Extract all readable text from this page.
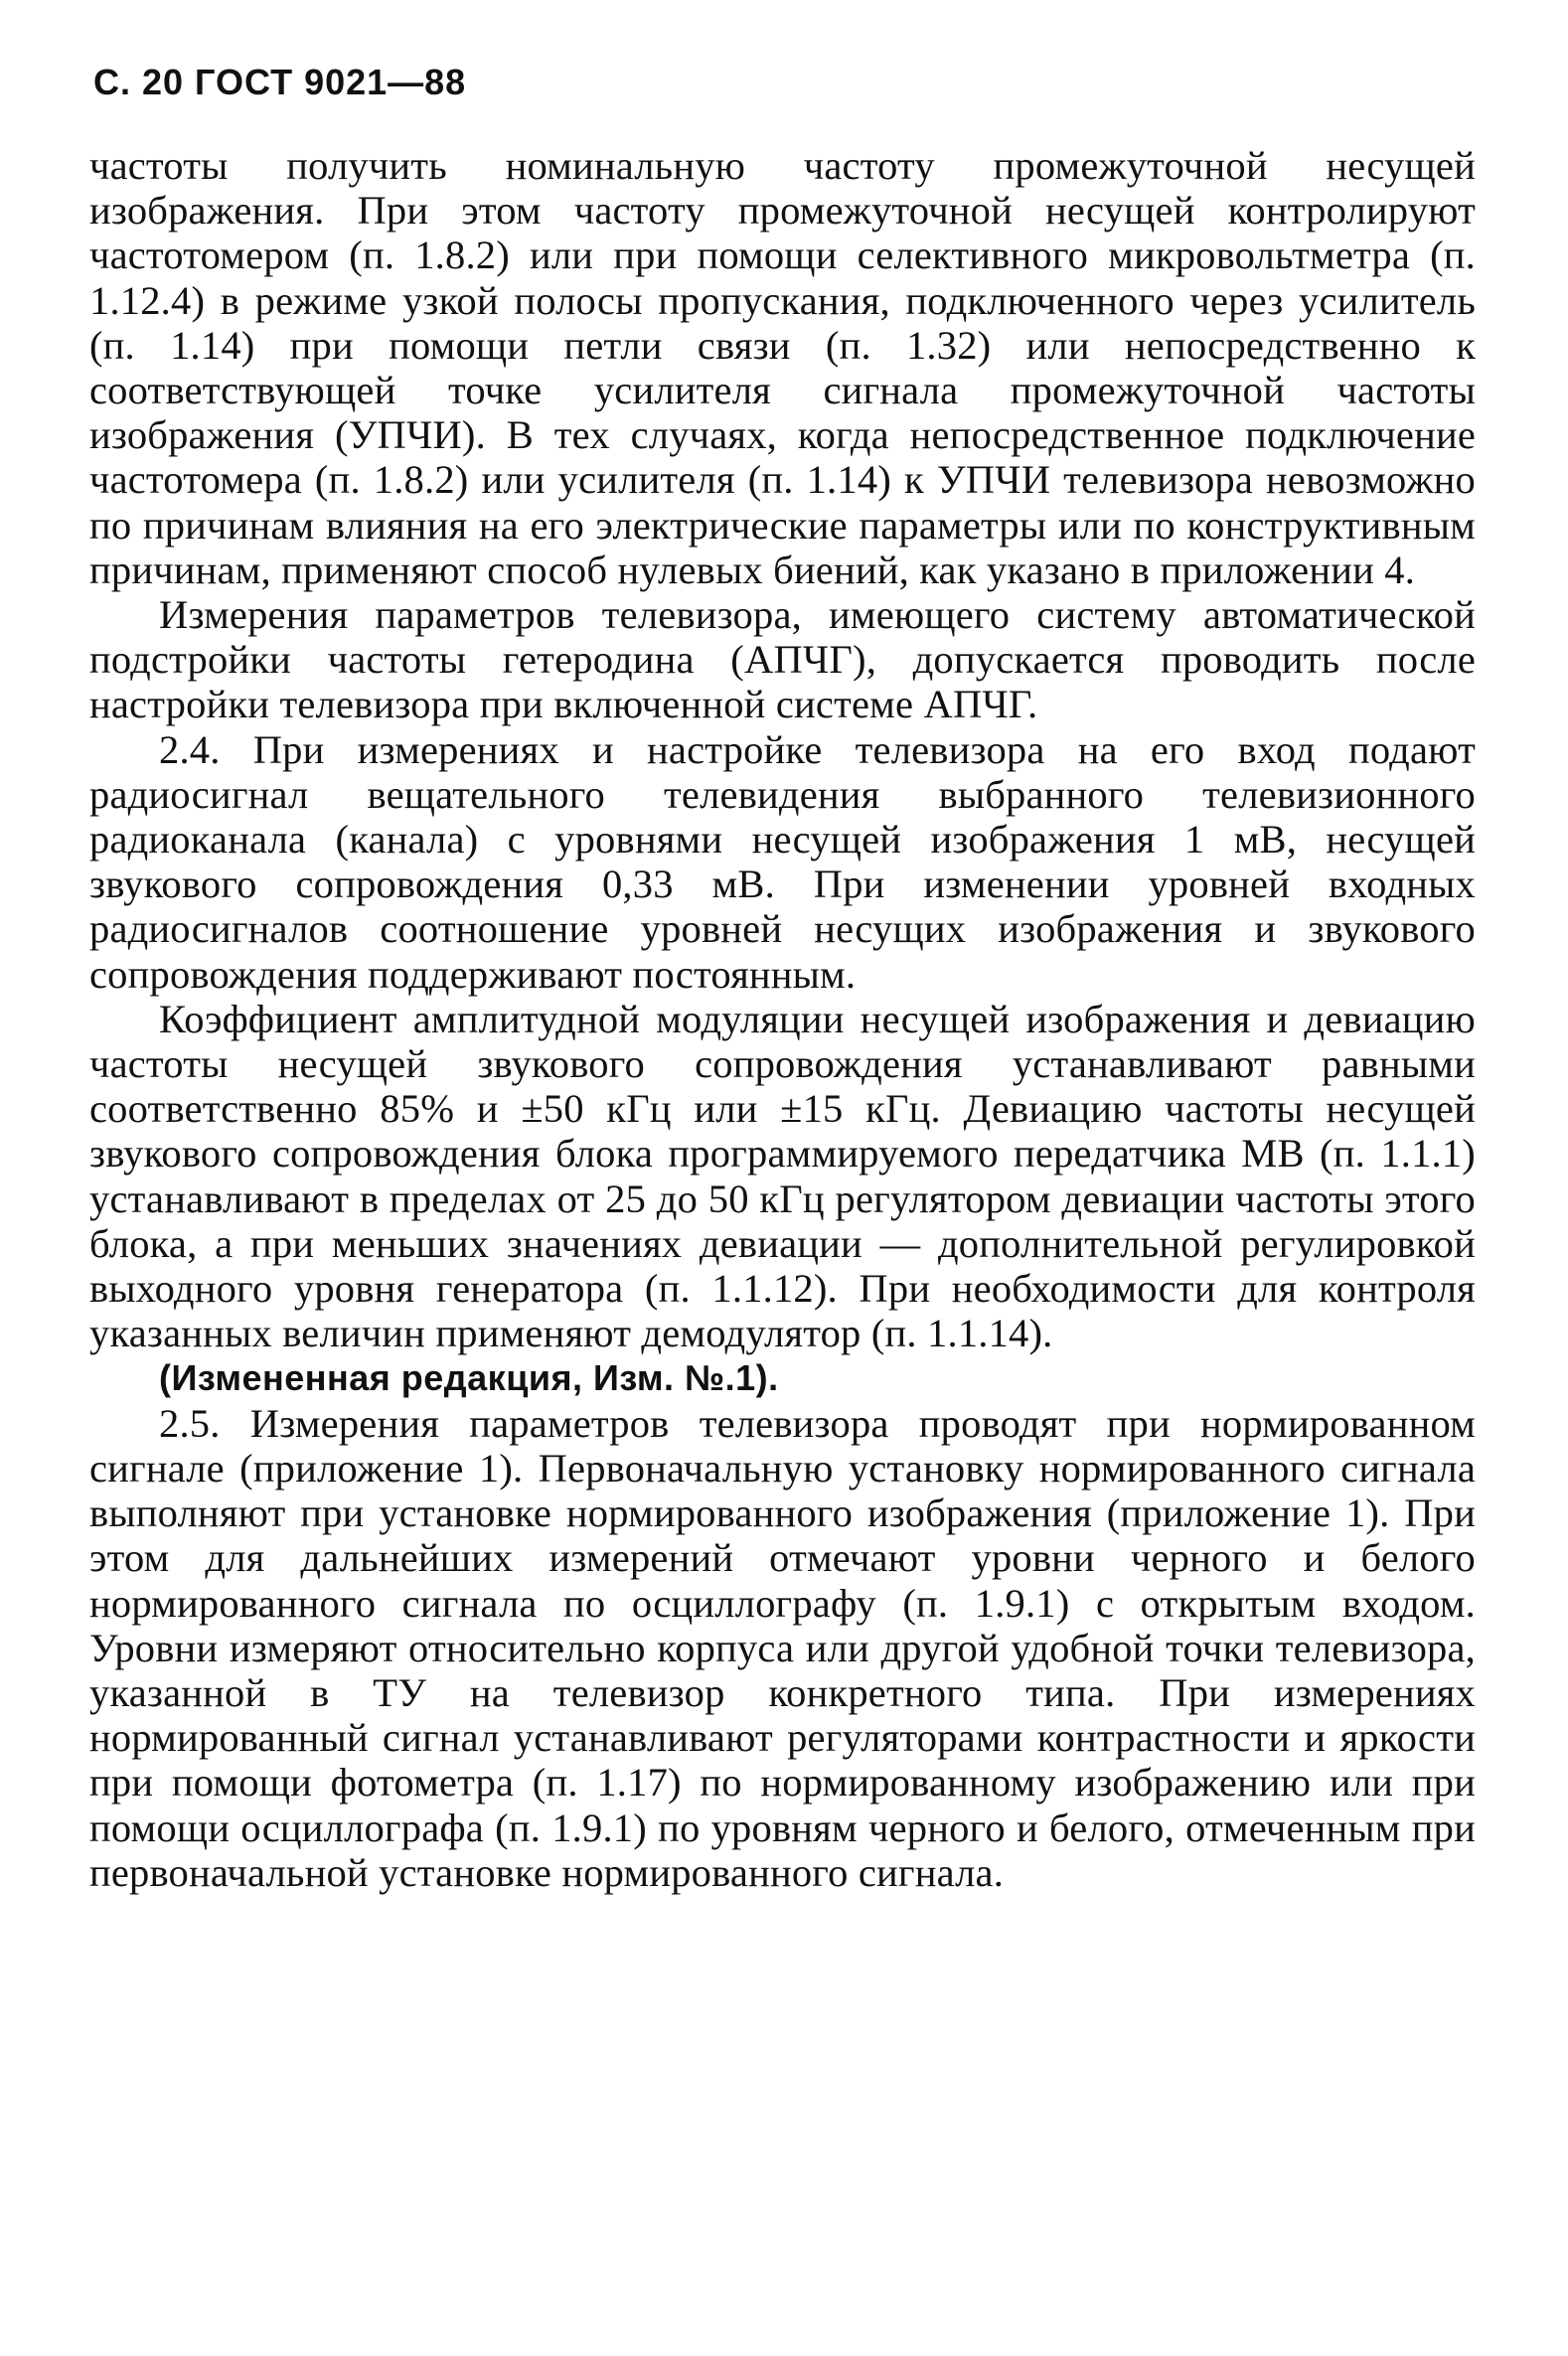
С. 20 ГОСТ 9021—88

частоты получить номинальную частоту промежуточной несущей изображения. При этом частоту промежуточной несущей контролируют частотомером (п. 1.8.2) или при помощи селективного микровольтметра (п. 1.12.4) в режиме узкой полосы пропускания, подключенного через усилитель (п. 1.14) при помощи петли связи (п. 1.32) или непосредственно к соответствующей точке усилителя сигнала промежуточной частоты изображения (УПЧИ). В тех случаях, когда непосредственное подключение частотомера (п. 1.8.2) или усилителя (п. 1.14) к УПЧИ телевизора невозможно по причинам влияния на его электрические параметры или по конструктивным причинам, применяют способ нулевых биений, как указано в приложении 4.

Измерения параметров телевизора, имеющего систему автоматической подстройки частоты гетеродина (АПЧГ), допускается проводить после настройки телевизора при включенной системе АПЧГ.

2.4. При измерениях и настройке телевизора на его вход подают радиосигнал вещательного телевидения выбранного телевизионного радиоканала (канала) с уровнями несущей изображения 1 мВ, несущей звукового сопровождения 0,33 мВ. При изменении уровней входных радиосигналов соотношение уровней несущих изображения и звукового сопровождения поддерживают постоянным.

Коэффициент амплитудной модуляции несущей изображения и девиацию частоты несущей звукового сопровождения устанавливают равными соответственно 85% и ±50 кГц или ±15 кГц. Девиацию частоты несущей звукового сопровождения блока программируемого передатчика МВ (п. 1.1.1) устанавливают в пределах от 25 до 50 кГц регулятором девиации частоты этого блока, а при меньших значениях девиации — дополнительной регулировкой выходного уровня генератора (п. 1.1.12). При необходимости для контроля указанных величин применяют демодулятор (п. 1.1.14).

(Измененная редакция, Изм. №.1).

2.5. Измерения параметров телевизора проводят при нормированном сигнале (приложение 1). Первоначальную установку нормированного сигнала выполняют при установке нормированного изображения (приложение 1). При этом для дальнейших измерений отмечают уровни черного и белого нормированного сигнала по осциллографу (п. 1.9.1) с открытым входом. Уровни измеряют относительно корпуса или другой удобной точки телевизора, указанной в ТУ на телевизор конкретного типа. При измерениях нормированный сигнал устанавливают регуляторами контрастности и яркости при помощи фотометра (п. 1.17) по нормированному изображению или при помощи осциллографа (п. 1.9.1) по уровням черного и белого, отмеченным при первоначальной установке нормированного сигнала.
